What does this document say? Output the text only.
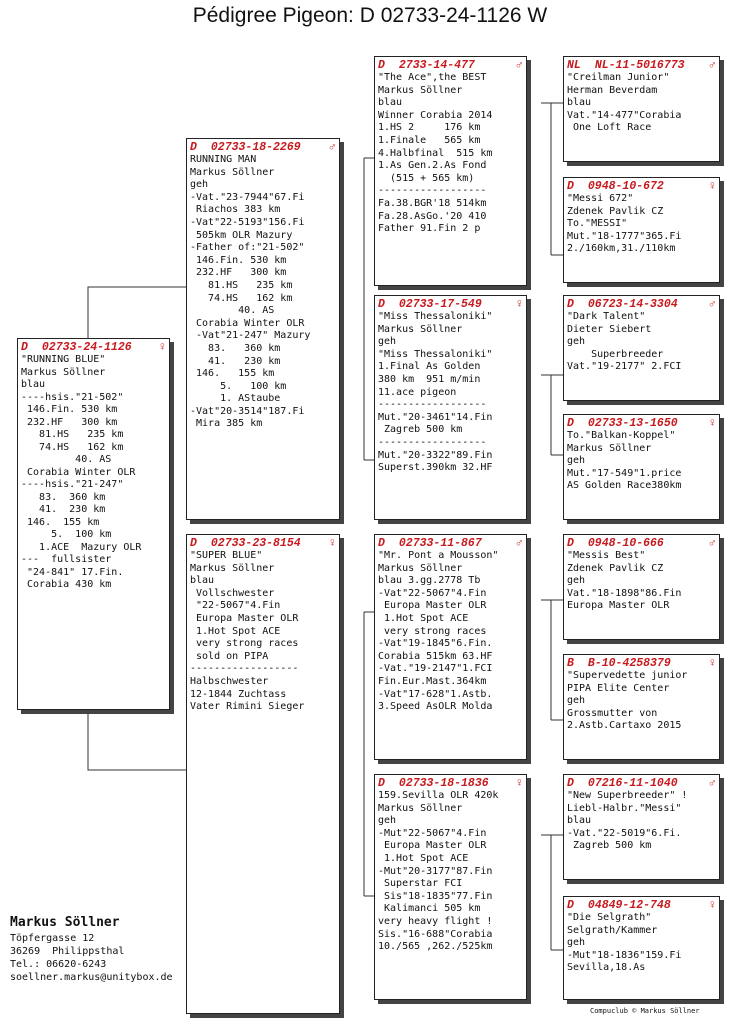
Pédigree Pigeon: D 02733-24-1126 W
D 02733-24-1126 ♀
"RUNNING BLUE"
Markus Söllner
blau
----hsis."21-502"
146.Fin. 530 km
232.HF   300 km
81.HS   235 km
74.HS   162 km
40. AS
Corabia Winter OLR
----hsis."21-247"
83.  360 km
41.  230 km
146.  155 km
5.  100 km
1.ACE  Mazury OLR
---  fullsister
"24-841" 17.Fin.
Corabia 430 km
D 02733-18-2269 ♂
RUNNING MAN
Markus Söllner
geh
-Vat."23-7944"67.Fi
Riachos 383 km
-Vat"22-5193"156.Fi
505km OLR Mazury
-Father of:"21-502"
146.Fin. 530 km
232.HF   300 km
81.HS   235 km
74.HS   162 km
40. AS
Corabia Winter OLR
-Vat"21-247" Mazury
83.   360 km
41.   230 km
146.   155 km
5.   100 km
1. AStaube
-Vat"20-3514"187.Fi
Mira 385 km
D 02733-23-8154 ♀
"SUPER BLUE"
Markus Söllner
blau
Vollschwester
"22-5067"4.Fin
Europa Master OLR
1.Hot Spot ACE
very strong races
sold on PIPA
------------------
Halbschwester
12-1844 Zuchtass
Vater Rimini Sieger
D 2733-14-477	♂
"The Ace",the BEST
Markus Söllner
blau
Winner Corabia 2014
1.HS 2     176 km
1.Finale   565 km
4.Halbfinal  515 km
1.As Gen.2.As Fond
(515 + 565 km)
------------------
Fa.38.BGR'18 514km
Fa.28.AsGo.'20 410
Father 91.Fin 2 p
D 02733-17-549	♀
"Miss Thessaloniki"
Markus Söllner
geh
"Miss Thessaloniki"
1.Final As Golden
380 km  951 m/min
11.ace pigeon
------------------
Mut."20-3461"14.Fin
Zagreb 500 km
------------------
Mut."20-3322"89.Fin
Superst.390km 32.HF
D 02733-11-867	♂
"Mr. Pont a Mousson"
Markus Söllner
blau 3.gg.2778 Tb
-Vat"22-5067"4.Fin
Europa Master OLR
1.Hot Spot ACE
very strong races
-Vat"19-1845"6.Fin.
Corabia 515km 63.HF
-Vat."19-2147"1.FCI
Fin.Eur.Mast.364km
-Vat"17-628"1.Astb.
3.Speed AsOLR Molda
D 02733-18-1836 ♀
159.Sevilla OLR 420k
Markus Söllner
geh
-Mut"22-5067"4.Fin
Europa Master OLR
1.Hot Spot ACE
-Mut"20-3177"87.Fin
Superstar FCI
Sis"18-1835"77.Fin
Kalimanci 505 km
very heavy flight !
Sis."16-688"Corabia
10./565 ,262./525km
NL NL-11-5016773 ♂
"Creilman Junior"
Herman Beverdam
blau
Vat."14-477"Corabia
One Loft Race
D 0948-10-672	♀
"Messi 672"
Zdenek Pavlik CZ
To."MESSI"
Mut."18-1777"365.Fi
2./160km,31./110km
D 06723-14-3304	♂
"Dark Talent"
Dieter Siebert
geh
Superbreeder
Vat."19-2177" 2.FCI
D 02733-13-1650	♀
To."Balkan-Koppel"
Markus Söllner
geh
Mut."17-549"1.price
AS Golden Race380km
D 0948-10-666	♂
"Messis Best"
Zdenek Pavlik CZ
geh
Vat."18-1898"86.Fin
Europa Master OLR
B B-10-4258379	♀
"Supervedette junior
PIPA Elite Center
geh
Grossmutter von
2.Astb.Cartaxo 2015
D 07216-11-1040	♂
"New Superbreeder" !
Liebl-Halbr."Messi"
blau
-Vat."22-5019"6.Fi.
Zagreb 500 km
D 04849-12-748	♀
"Die Selgrath"
Selgrath/Kammer
geh
-Mut"18-1836"159.Fi
Sevilla,18.As
Markus Söllner
Töpfergasse 12
36269  Philippsthal
Tel.: 06620-6243
soellner.markus@unitybox.de
Compuclub © Markus Söllner
